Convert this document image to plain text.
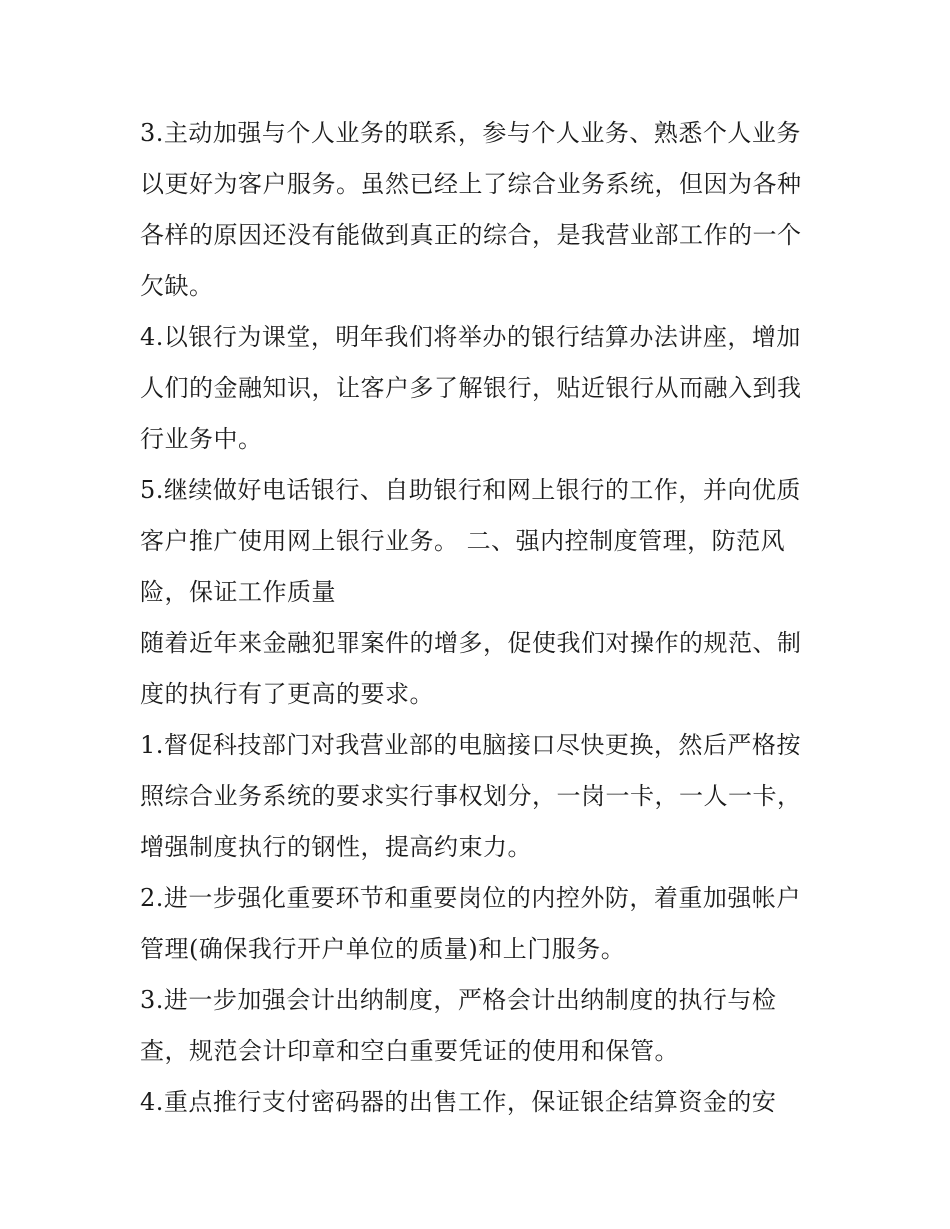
3.主动加强与个人业务的联系，参与个人业务、熟悉个人业务
以更好为客户服务。虽然已经上了综合业务系统，但因为各种
各样的原因还没有能做到真正的综合，是我营业部工作的一个
欠缺。
4.以银行为课堂，明年我们将举办的银行结算办法讲座，增加
人们的金融知识，让客户多了解银行，贴近银行从而融入到我
行业务中。
5.继续做好电话银行、自助银行和网上银行的工作，并向优质
客户推广使用网上银行业务。 二、强内控制度管理，防范风
险，保证工作质量
随着近年来金融犯罪案件的增多，促使我们对操作的规范、制
度的执行有了更高的要求。
1.督促科技部门对我营业部的电脑接口尽快更换，然后严格按
照综合业务系统的要求实行事权划分，一岗一卡，一人一卡，
增强制度执行的钢性，提高约束力。
2.进一步强化重要环节和重要岗位的内控外防，着重加强帐户
管理(确保我行开户单位的质量)和上门服务。
3.进一步加强会计出纳制度，严格会计出纳制度的执行与检
查，规范会计印章和空白重要凭证的使用和保管。
4.重点推行支付密码器的出售工作，保证银企结算资金的安
